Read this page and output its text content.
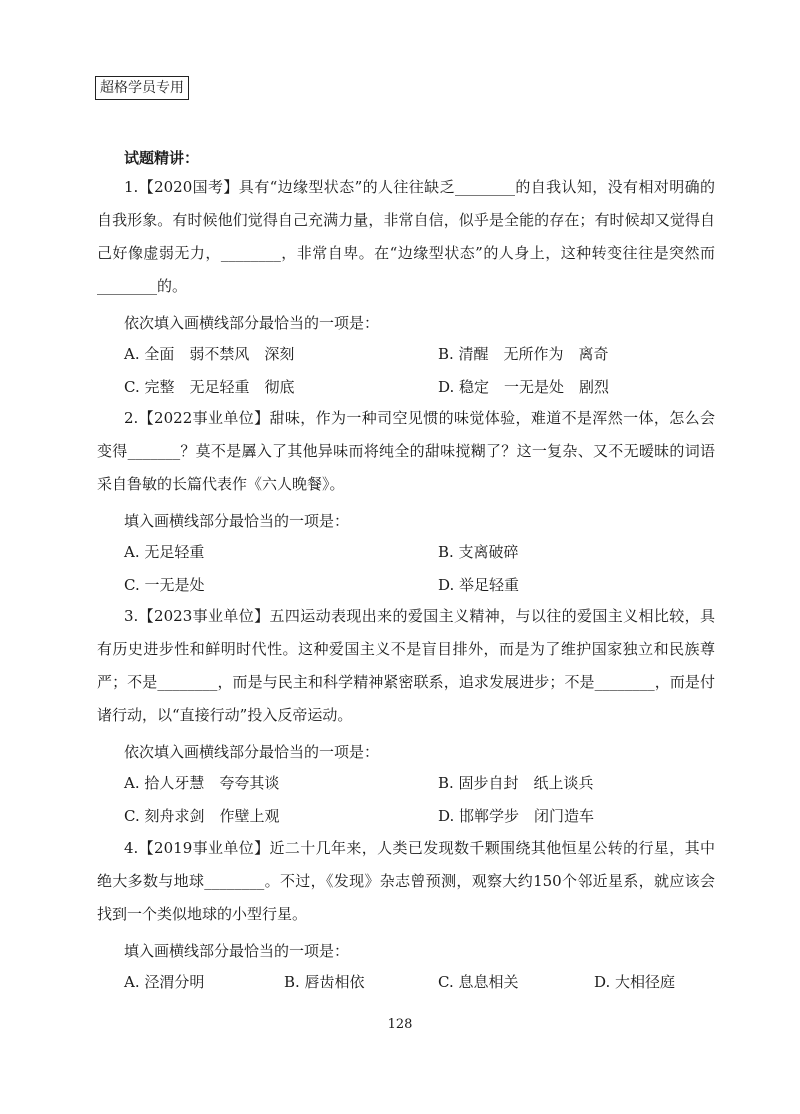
超格学员专用
试题精讲：
1.【2020国考】具有“边缘型状态”的人往往缺乏________的自我认知，没有相对明确的自我形象。有时候他们觉得自己充满力量，非常自信，似乎是全能的存在；有时候却又觉得自己好像虚弱无力，________，非常自卑。在“边缘型状态”的人身上，这种转变往往是突然而________的。
依次填入画横线部分最恰当的一项是：
A. 全面　弱不禁风　深刻	B. 清醒　无所作为　离奇
C. 完整　无足轻重　彻底	D. 稳定　一无是处　剧烈
2.【2022事业单位】甜味，作为一种司空见惯的味觉体验，难道不是浑然一体，怎么会变得_______？莫不是羼入了其他异味而将纯全的甜味搅糊了？这一复杂、又不无暧昧的词语采自鲁敏的长篇代表作《六人晚餐》。
填入画横线部分最恰当的一项是：
A. 无足轻重	B. 支离破碎
C. 一无是处	D. 举足轻重
3.【2023事业单位】五四运动表现出来的爱国主义精神，与以往的爱国主义相比较，具有历史进步性和鲜明时代性。这种爱国主义不是盲目排外，而是为了维护国家独立和民族尊严；不是________，而是与民主和科学精神紧密联系，追求发展进步；不是________，而是付诸行动，以“直接行动”投入反帝运动。
依次填入画横线部分最恰当的一项是：
A. 拾人牙慧　夸夸其谈	B. 固步自封　纸上谈兵
C. 刻舟求剑　作壁上观	D. 邯郸学步　闭门造车
4.【2019事业单位】近二十几年来，人类已发现数千颗围绕其他恒星公转的行星，其中绝大多数与地球________。不过，《发现》杂志曾预测，观察大约150个邻近星系，就应该会找到一个类似地球的小型行星。
填入画横线部分最恰当的一项是：
A. 泾渭分明	B. 唇齿相依	C. 息息相关	D. 大相径庭
128
